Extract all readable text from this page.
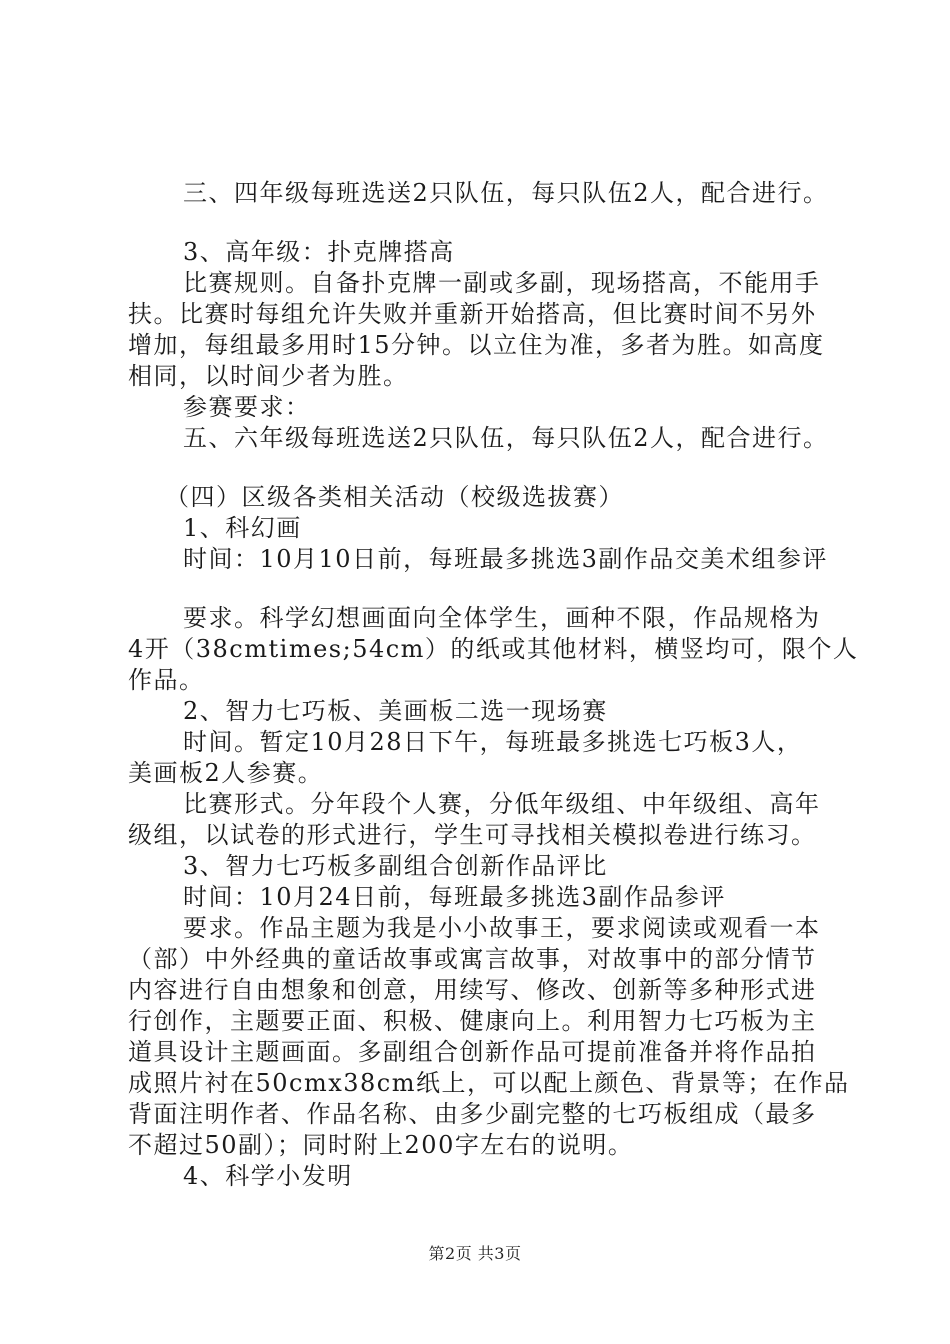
三、四年级每班选送2只队伍，每只队伍2人，配合进行。

3、高年级：扑克牌搭高

比赛规则。自备扑克牌一副或多副，现场搭高，不能用手

扶。比赛时每组允许失败并重新开始搭高，但比赛时间不另外

增加，每组最多用时15分钟。以立住为准，多者为胜。如高度

相同，以时间少者为胜。

参赛要求：

五、六年级每班选送2只队伍，每只队伍2人，配合进行。

（四）区级各类相关活动（校级选拔赛）

1、科幻画

时间：10月10日前，每班最多挑选3副作品交美术组参评

要求。科学幻想画面向全体学生，画种不限，作品规格为

4开（38cmtimes;54cm）的纸或其他材料，横竖均可，限个人

作品。

2、智力七巧板、美画板二选一现场赛

时间。暂定10月28日下午，每班最多挑选七巧板3人，

美画板2人参赛。

比赛形式。分年段个人赛，分低年级组、中年级组、高年

级组，以试卷的形式进行，学生可寻找相关模拟卷进行练习。

3、智力七巧板多副组合创新作品评比

时间：10月24日前，每班最多挑选3副作品参评

要求。作品主题为我是小小故事王，要求阅读或观看一本

（部）中外经典的童话故事或寓言故事，对故事中的部分情节

内容进行自由想象和创意，用续写、修改、创新等多种形式进

行创作，主题要正面、积极、健康向上。利用智力七巧板为主

道具设计主题画面。多副组合创新作品可提前准备并将作品拍

成照片衬在50cmx38cm纸上，可以配上颜色、背景等；在作品

背面注明作者、作品名称、由多少副完整的七巧板组成（最多

不超过50副）；同时附上200字左右的说明。

4、科学小发明

第2页 共3页
